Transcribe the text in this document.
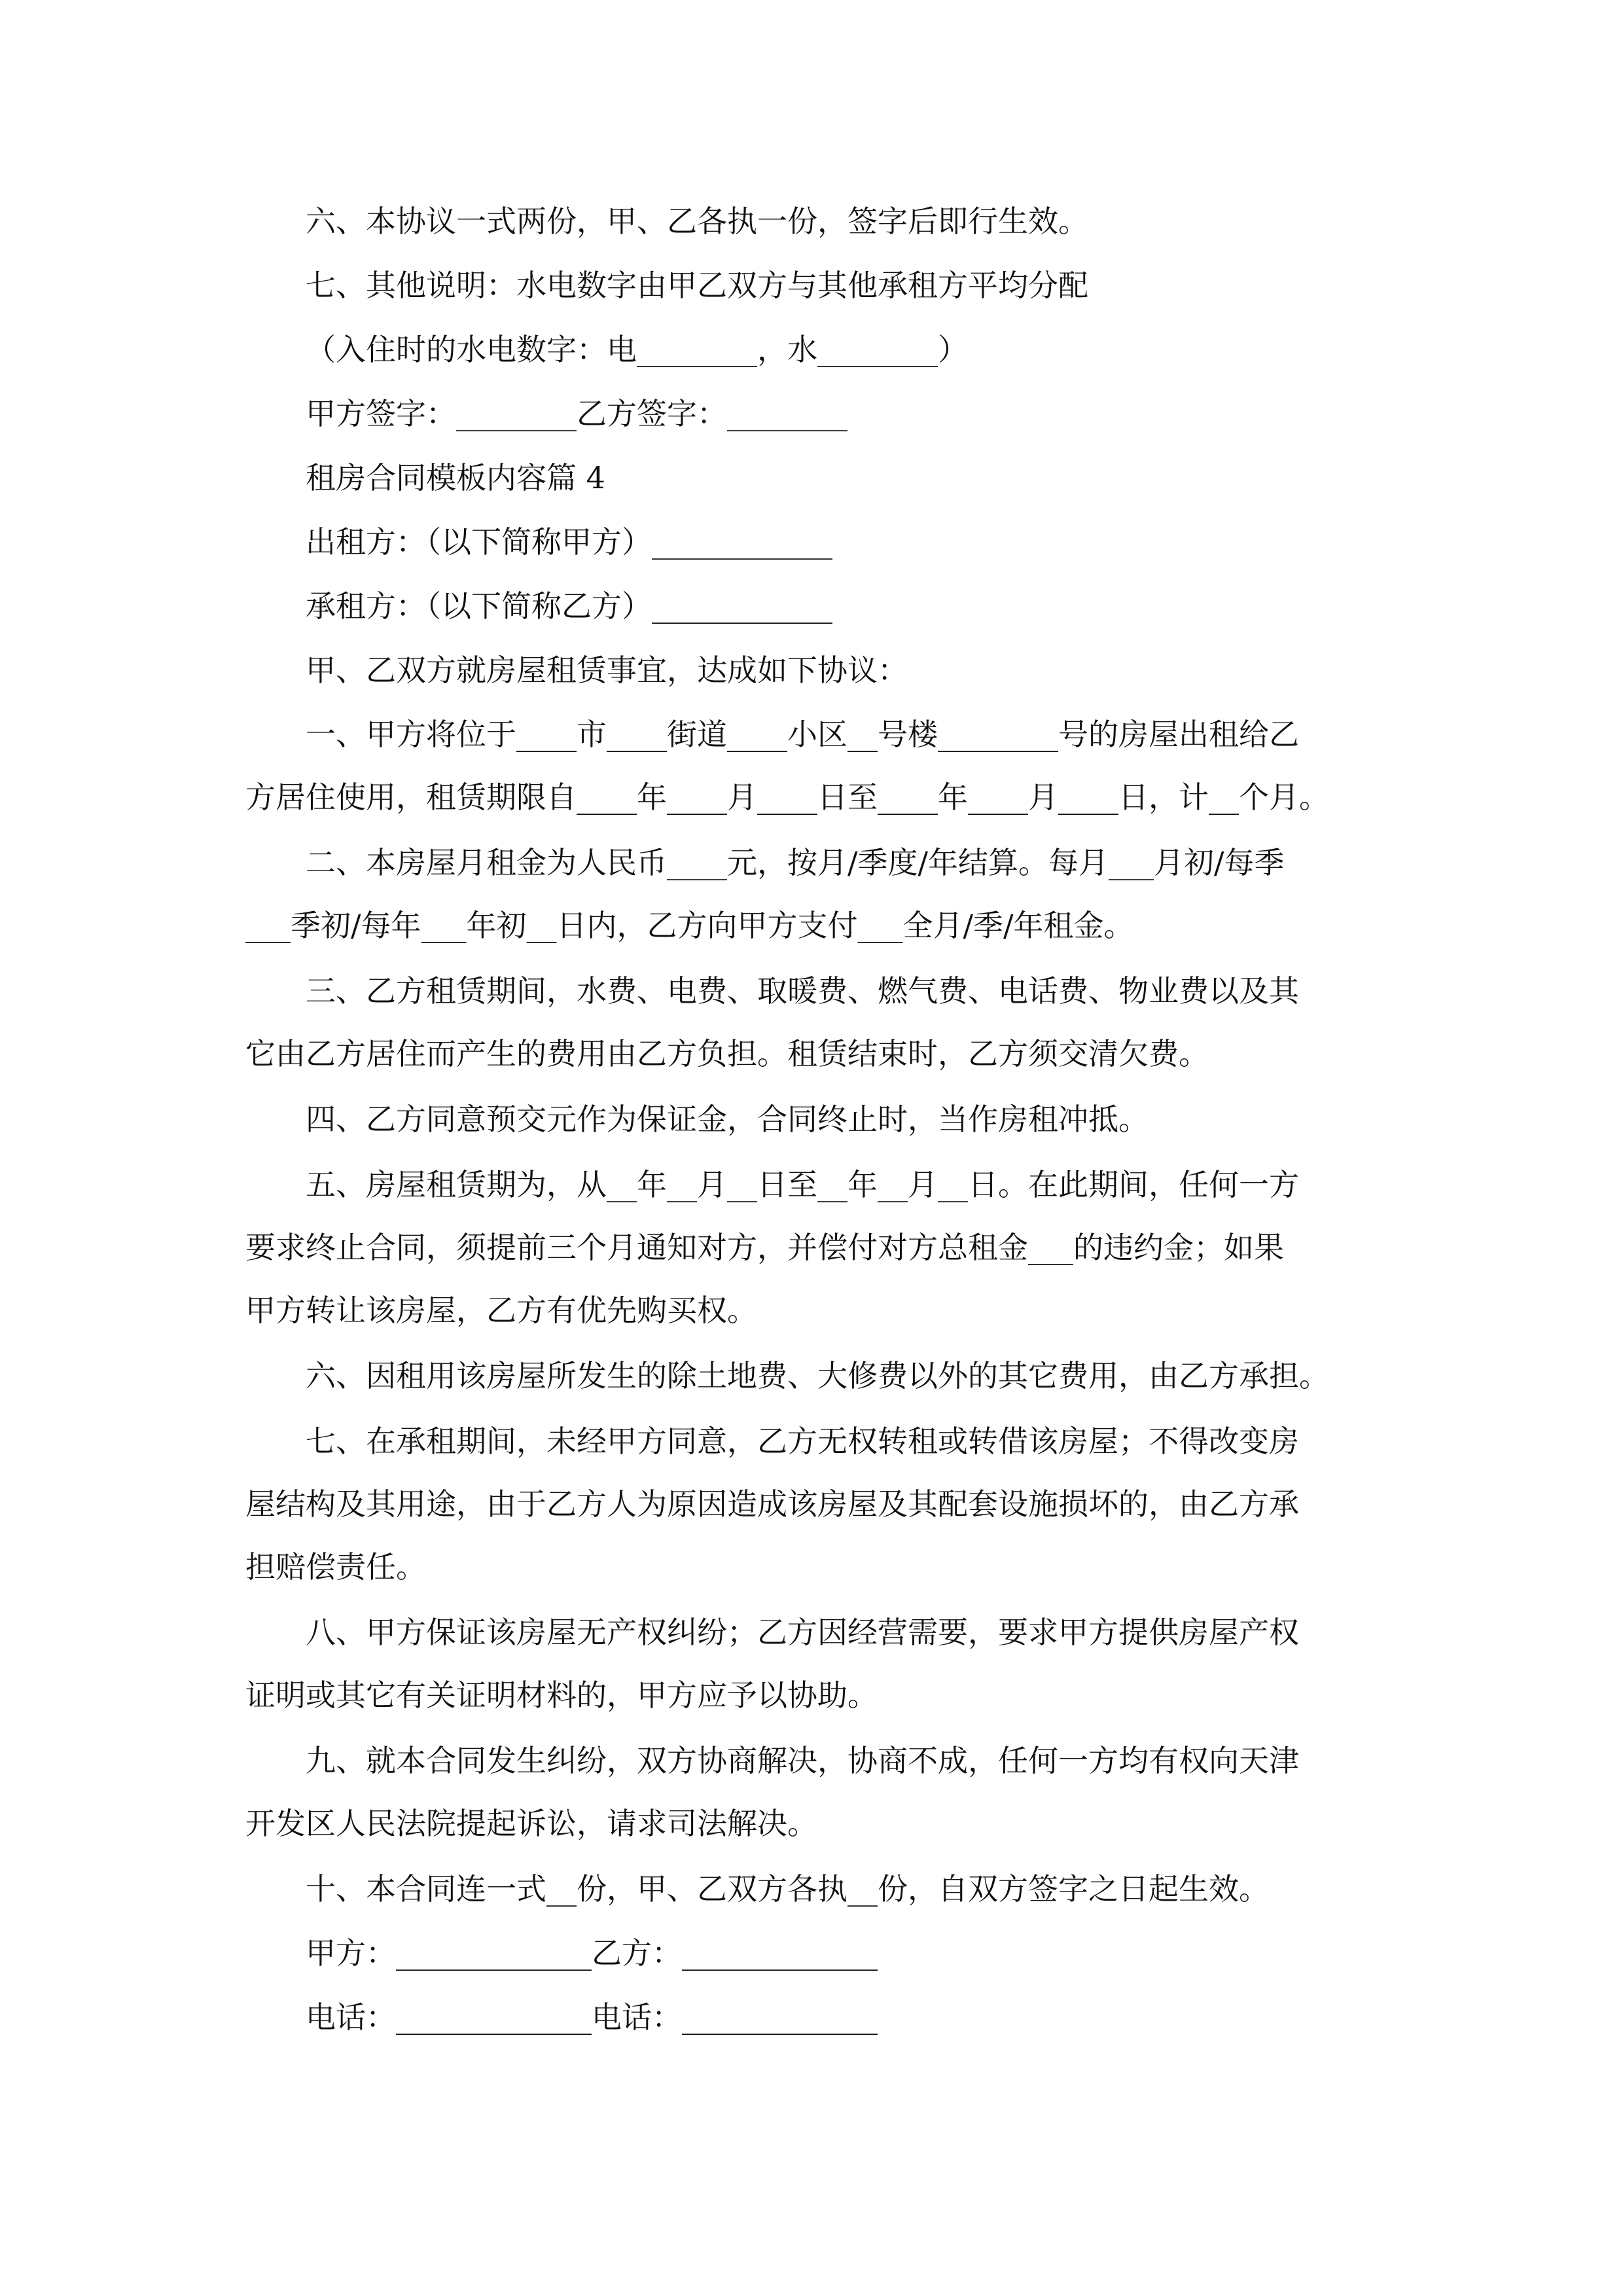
六、本协议一式两份，甲、乙各执一份，签字后即行生效。

七、其他说明：水电数字由甲乙双方与其他承租方平均分配

（入住时的水电数字：电________，水________）

甲方签字：________乙方签字：________

租房合同模板内容篇 4

出租方：（以下简称甲方）____________

承租方：（以下简称乙方）____________

甲、乙双方就房屋租赁事宜，达成如下协议：

一、甲方将位于____市____街道____小区__号楼________号的房屋出租给乙

方居住使用，租赁期限自____年____月____日至____年____月____日，计__个月。

二、本房屋月租金为人民币____元，按月/季度/年结算。每月___月初/每季

___季初/每年___年初__日内，乙方向甲方支付___全月/季/年租金。

三、乙方租赁期间，水费、电费、取暖费、燃气费、电话费、物业费以及其

它由乙方居住而产生的费用由乙方负担。租赁结束时，乙方须交清欠费。

四、乙方同意预交元作为保证金，合同终止时，当作房租冲抵。

五、房屋租赁期为，从__年__月__日至__年__月__日。在此期间，任何一方

要求终止合同，须提前三个月通知对方，并偿付对方总租金___的违约金；如果

甲方转让该房屋，乙方有优先购买权。

六、因租用该房屋所发生的除土地费、大修费以外的其它费用，由乙方承担。

七、在承租期间，未经甲方同意，乙方无权转租或转借该房屋；不得改变房

屋结构及其用途，由于乙方人为原因造成该房屋及其配套设施损坏的，由乙方承

担赔偿责任。

八、甲方保证该房屋无产权纠纷；乙方因经营需要，要求甲方提供房屋产权

证明或其它有关证明材料的，甲方应予以协助。

九、就本合同发生纠纷，双方协商解决，协商不成，任何一方均有权向天津

开发区人民法院提起诉讼，请求司法解决。

十、本合同连一式__份，甲、乙双方各执__份，自双方签字之日起生效。

甲方：_____________乙方：_____________

电话：_____________电话：_____________
